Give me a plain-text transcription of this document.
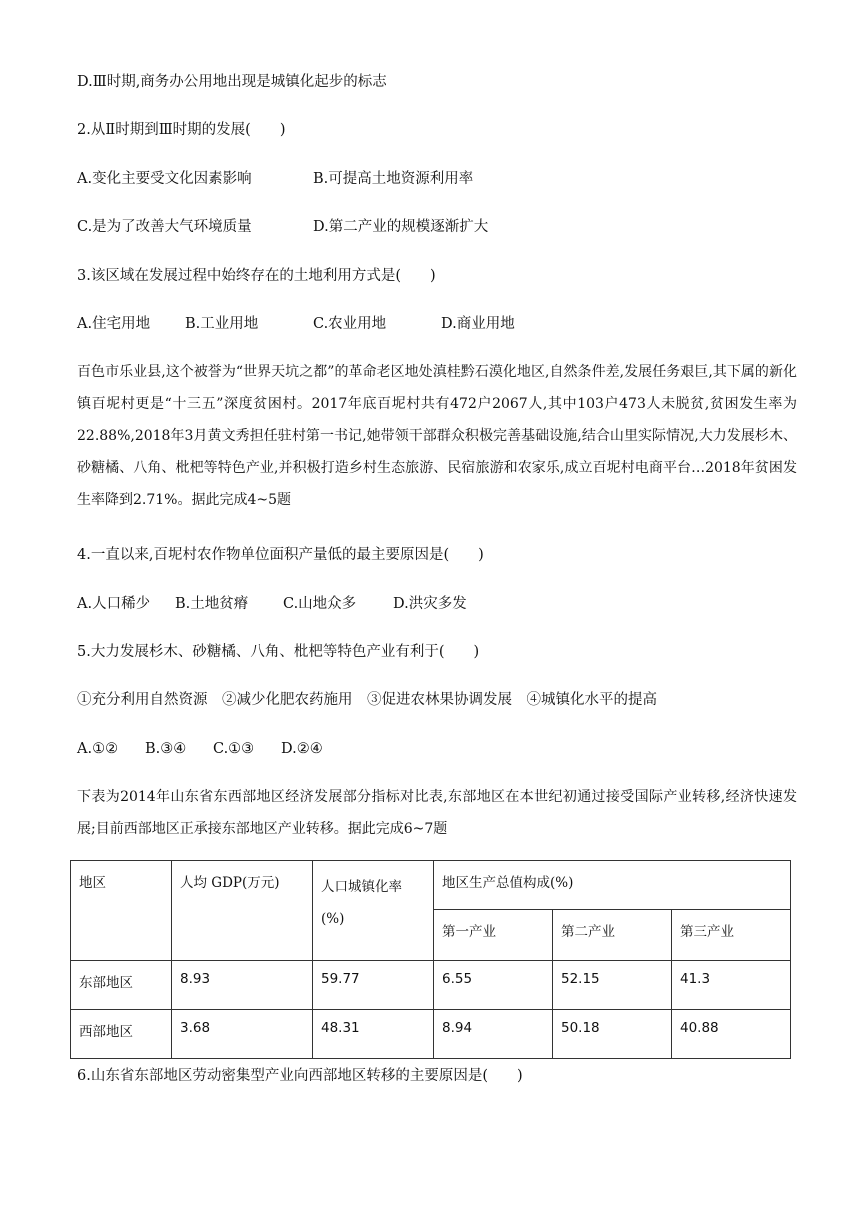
D.Ⅲ时期,商务办公用地出现是城镇化起步的标志
2.从Ⅱ时期到Ⅲ时期的发展(　　)
A.变化主要受文化因素影响	B.可提高土地资源利用率
C.是为了改善大气环境质量	D.第二产业的规模逐渐扩大
3.该区域在发展过程中始终存在的土地利用方式是(　　)
A.住宅用地 B.工业用地	C.农业用地	D.商业用地
百色市乐业县,这个被誉为“世界天坑之都”的革命老区地处滇桂黔石漠化地区,自然条件差,发展任务艰巨,其下属的新化镇百坭村更是“十三五”深度贫困村。2017年底百坭村共有472户2067人,其中103户473人未脱贫,贫困发生率为22.88%,2018年3月黄文秀担任驻村第一书记,她带领干部群众积极完善基础设施,结合山里实际情况,大力发展杉木、砂糖橘、八角、枇杷等特色产业,并积极打造乡村生态旅游、民宿旅游和农家乐,成立百坭村电商平台…2018年贫困发生率降到2.71%。据此完成4~5题
4.一直以来,百坭村农作物单位面积产量低的最主要原因是(　　)
A.人口稀少 B.土地贫瘠 C.山地众多	D.洪灾多发
5.大力发展杉木、砂糖橘、八角、枇杷等特色产业有利于(　　)
①充分利用自然资源　②减少化肥农药施用　③促进农林果协调发展　④城镇化水平的提高
A.①② B.③④ C.①③ D.②④
下表为2014年山东省东西部地区经济发展部分指标对比表,东部地区在本世纪初通过接受国际产业转移,经济快速发展;目前西部地区正承接东部地区产业转移。据此完成6~7题
地区	人均 GDP(万元)	人口城镇化率(%)	地区生产总值构成(%)		
			第一产业	第二产业	第三产业
东部地区	8.93	59.77	6.55	52.15	41.3
西部地区	3.68	48.31	8.94	50.18	40.88
6.山东省东部地区劳动密集型产业向西部地区转移的主要原因是(　　)
